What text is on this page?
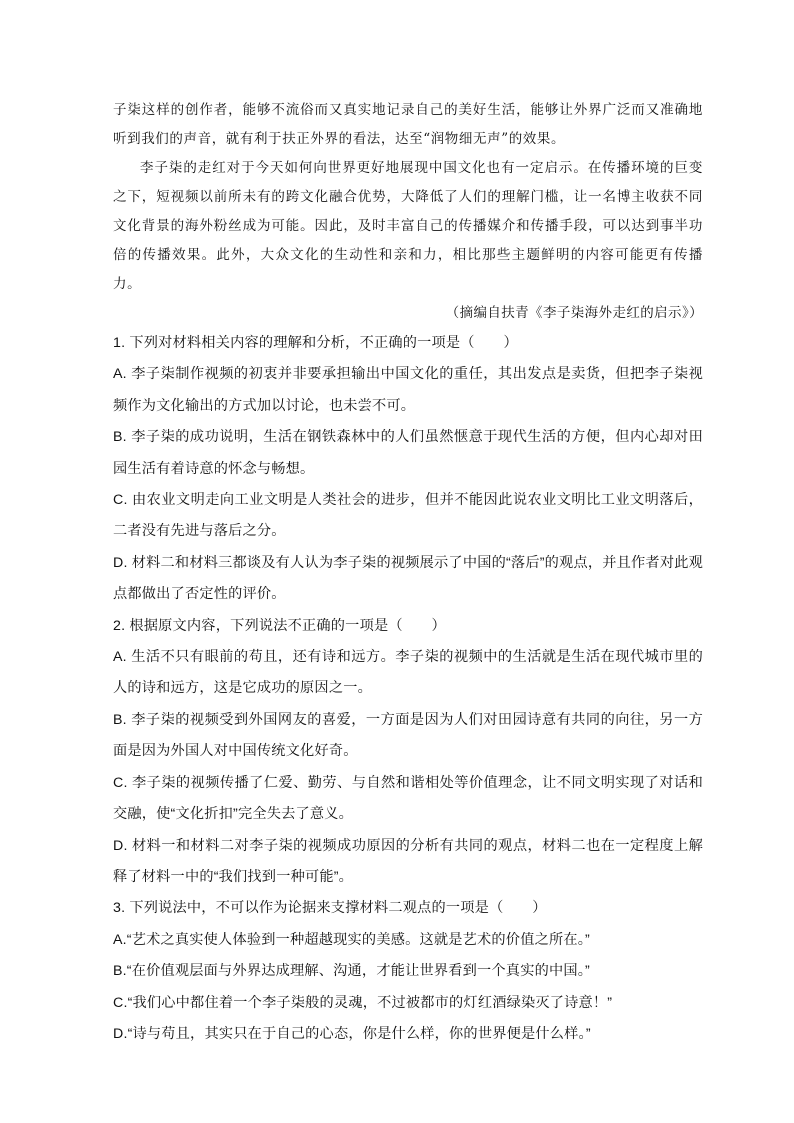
子柒这样的创作者，能够不流俗而又真实地记录自己的美好生活，能够让外界广泛而又准确地听到我们的声音，就有利于扶正外界的看法，达至“润物细无声”的效果。

李子柒的走红对于今天如何向世界更好地展现中国文化也有一定启示。在传播环境的巨变之下，短视频以前所未有的跨文化融合优势，大降低了人们的理解门槛，让一名博主收获不同文化背景的海外粉丝成为可能。因此，及时丰富自己的传播媒介和传播手段，可以达到事半功倍的传播效果。此外，大众文化的生动性和亲和力，相比那些主题鲜明的内容可能更有传播力。

（摘编自扶青《李子柒海外走红的启示》）

1. 下列对材料相关内容的理解和分析，不正确的一项是（　　）

A. 李子柒制作视频的初衷并非要承担输出中国文化的重任，其出发点是卖货，但把李子柒视频作为文化输出的方式加以讨论，也未尝不可。

B. 李子柒的成功说明，生活在钢铁森林中的人们虽然惬意于现代生活的方便，但内心却对田园生活有着诗意的怀念与畅想。

C. 由农业文明走向工业文明是人类社会的进步，但并不能因此说农业文明比工业文明落后，二者没有先进与落后之分。

D. 材料二和材料三都谈及有人认为李子柒的视频展示了中国的“落后”的观点，并且作者对此观点都做出了否定性的评价。

2. 根据原文内容，下列说法不正确的一项是（　　）

A. 生活不只有眼前的苟且，还有诗和远方。李子柒的视频中的生活就是生活在现代城市里的人的诗和远方，这是它成功的原因之一。

B. 李子柒的视频受到外国网友的喜爱，一方面是因为人们对田园诗意有共同的向往，另一方面是因为外国人对中国传统文化好奇。

C. 李子柒的视频传播了仁爱、勤劳、与自然和谐相处等价值理念，让不同文明实现了对话和交融，使“文化折扣”完全失去了意义。

D. 材料一和材料二对李子柒的视频成功原因的分析有共同的观点，材料二也在一定程度上解释了材料一中的“我们找到一种可能”。

3. 下列说法中，不可以作为论据来支撑材料二观点的一项是（　　）

A.“艺术之真实使人体验到一种超越现实的美感。这就是艺术的价值之所在。”

B.“在价值观层面与外界达成理解、沟通，才能让世界看到一个真实的中国。”

C.“我们心中都住着一个李子柒般的灵魂，不过被都市的灯红酒绿染灭了诗意！”

D.“诗与苟且，其实只在于自己的心态，你是什么样，你的世界便是什么样。”
